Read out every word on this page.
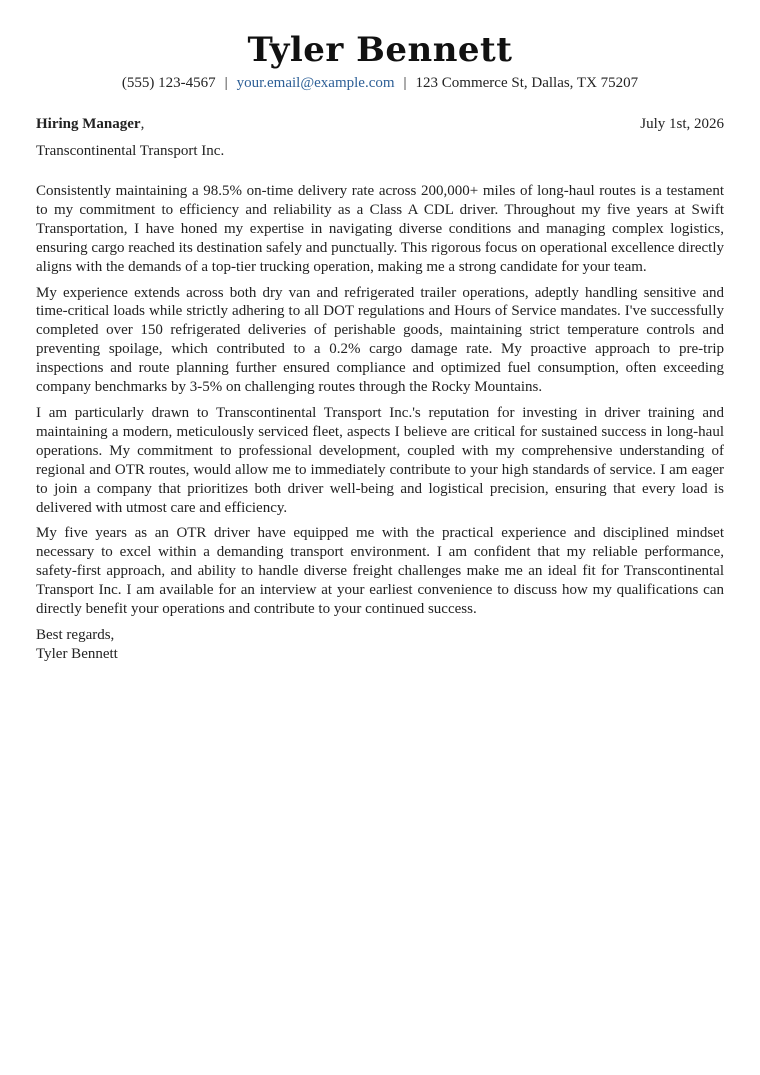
Tyler Bennett
(555) 123-4567 | your.email@example.com | 123 Commerce St, Dallas, TX 75207
Hiring Manager,	July 1st, 2026
Transcontinental Transport Inc.

Consistently maintaining a 98.5% on-time delivery rate across 200,000+ miles of long-haul routes is a testament to my commitment to efficiency and reliability as a Class A CDL driver. Throughout my five years at Swift Transportation, I have honed my expertise in navigating diverse conditions and managing complex logistics, ensuring cargo reached its destination safely and punctually. This rigorous focus on operational excellence directly aligns with the demands of a top-tier trucking operation, making me a strong candidate for your team.

My experience extends across both dry van and refrigerated trailer operations, adeptly handling sensitive and time-critical loads while strictly adhering to all DOT regulations and Hours of Service mandates. I've successfully completed over 150 refrigerated deliveries of perishable goods, maintaining strict temperature controls and preventing spoilage, which contributed to a 0.2% cargo damage rate. My proactive approach to pre-trip inspections and route planning further ensured compliance and optimized fuel consumption, often exceeding company benchmarks by 3-5% on challenging routes through the Rocky Mountains.

I am particularly drawn to Transcontinental Transport Inc.'s reputation for investing in driver training and maintaining a modern, meticulously serviced fleet, aspects I believe are critical for sustained success in long-haul operations. My commitment to professional development, coupled with my comprehensive understanding of regional and OTR routes, would allow me to immediately contribute to your high standards of service. I am eager to join a company that prioritizes both driver well-being and logistical precision, ensuring that every load is delivered with utmost care and efficiency.

My five years as an OTR driver have equipped me with the practical experience and disciplined mindset necessary to excel within a demanding transport environment. I am confident that my reliable performance, safety-first approach, and ability to handle diverse freight challenges make me an ideal fit for Transcontinental Transport Inc. I am available for an interview at your earliest convenience to discuss how my qualifications can directly benefit your operations and contribute to your continued success.

Best regards,
Tyler Bennett
